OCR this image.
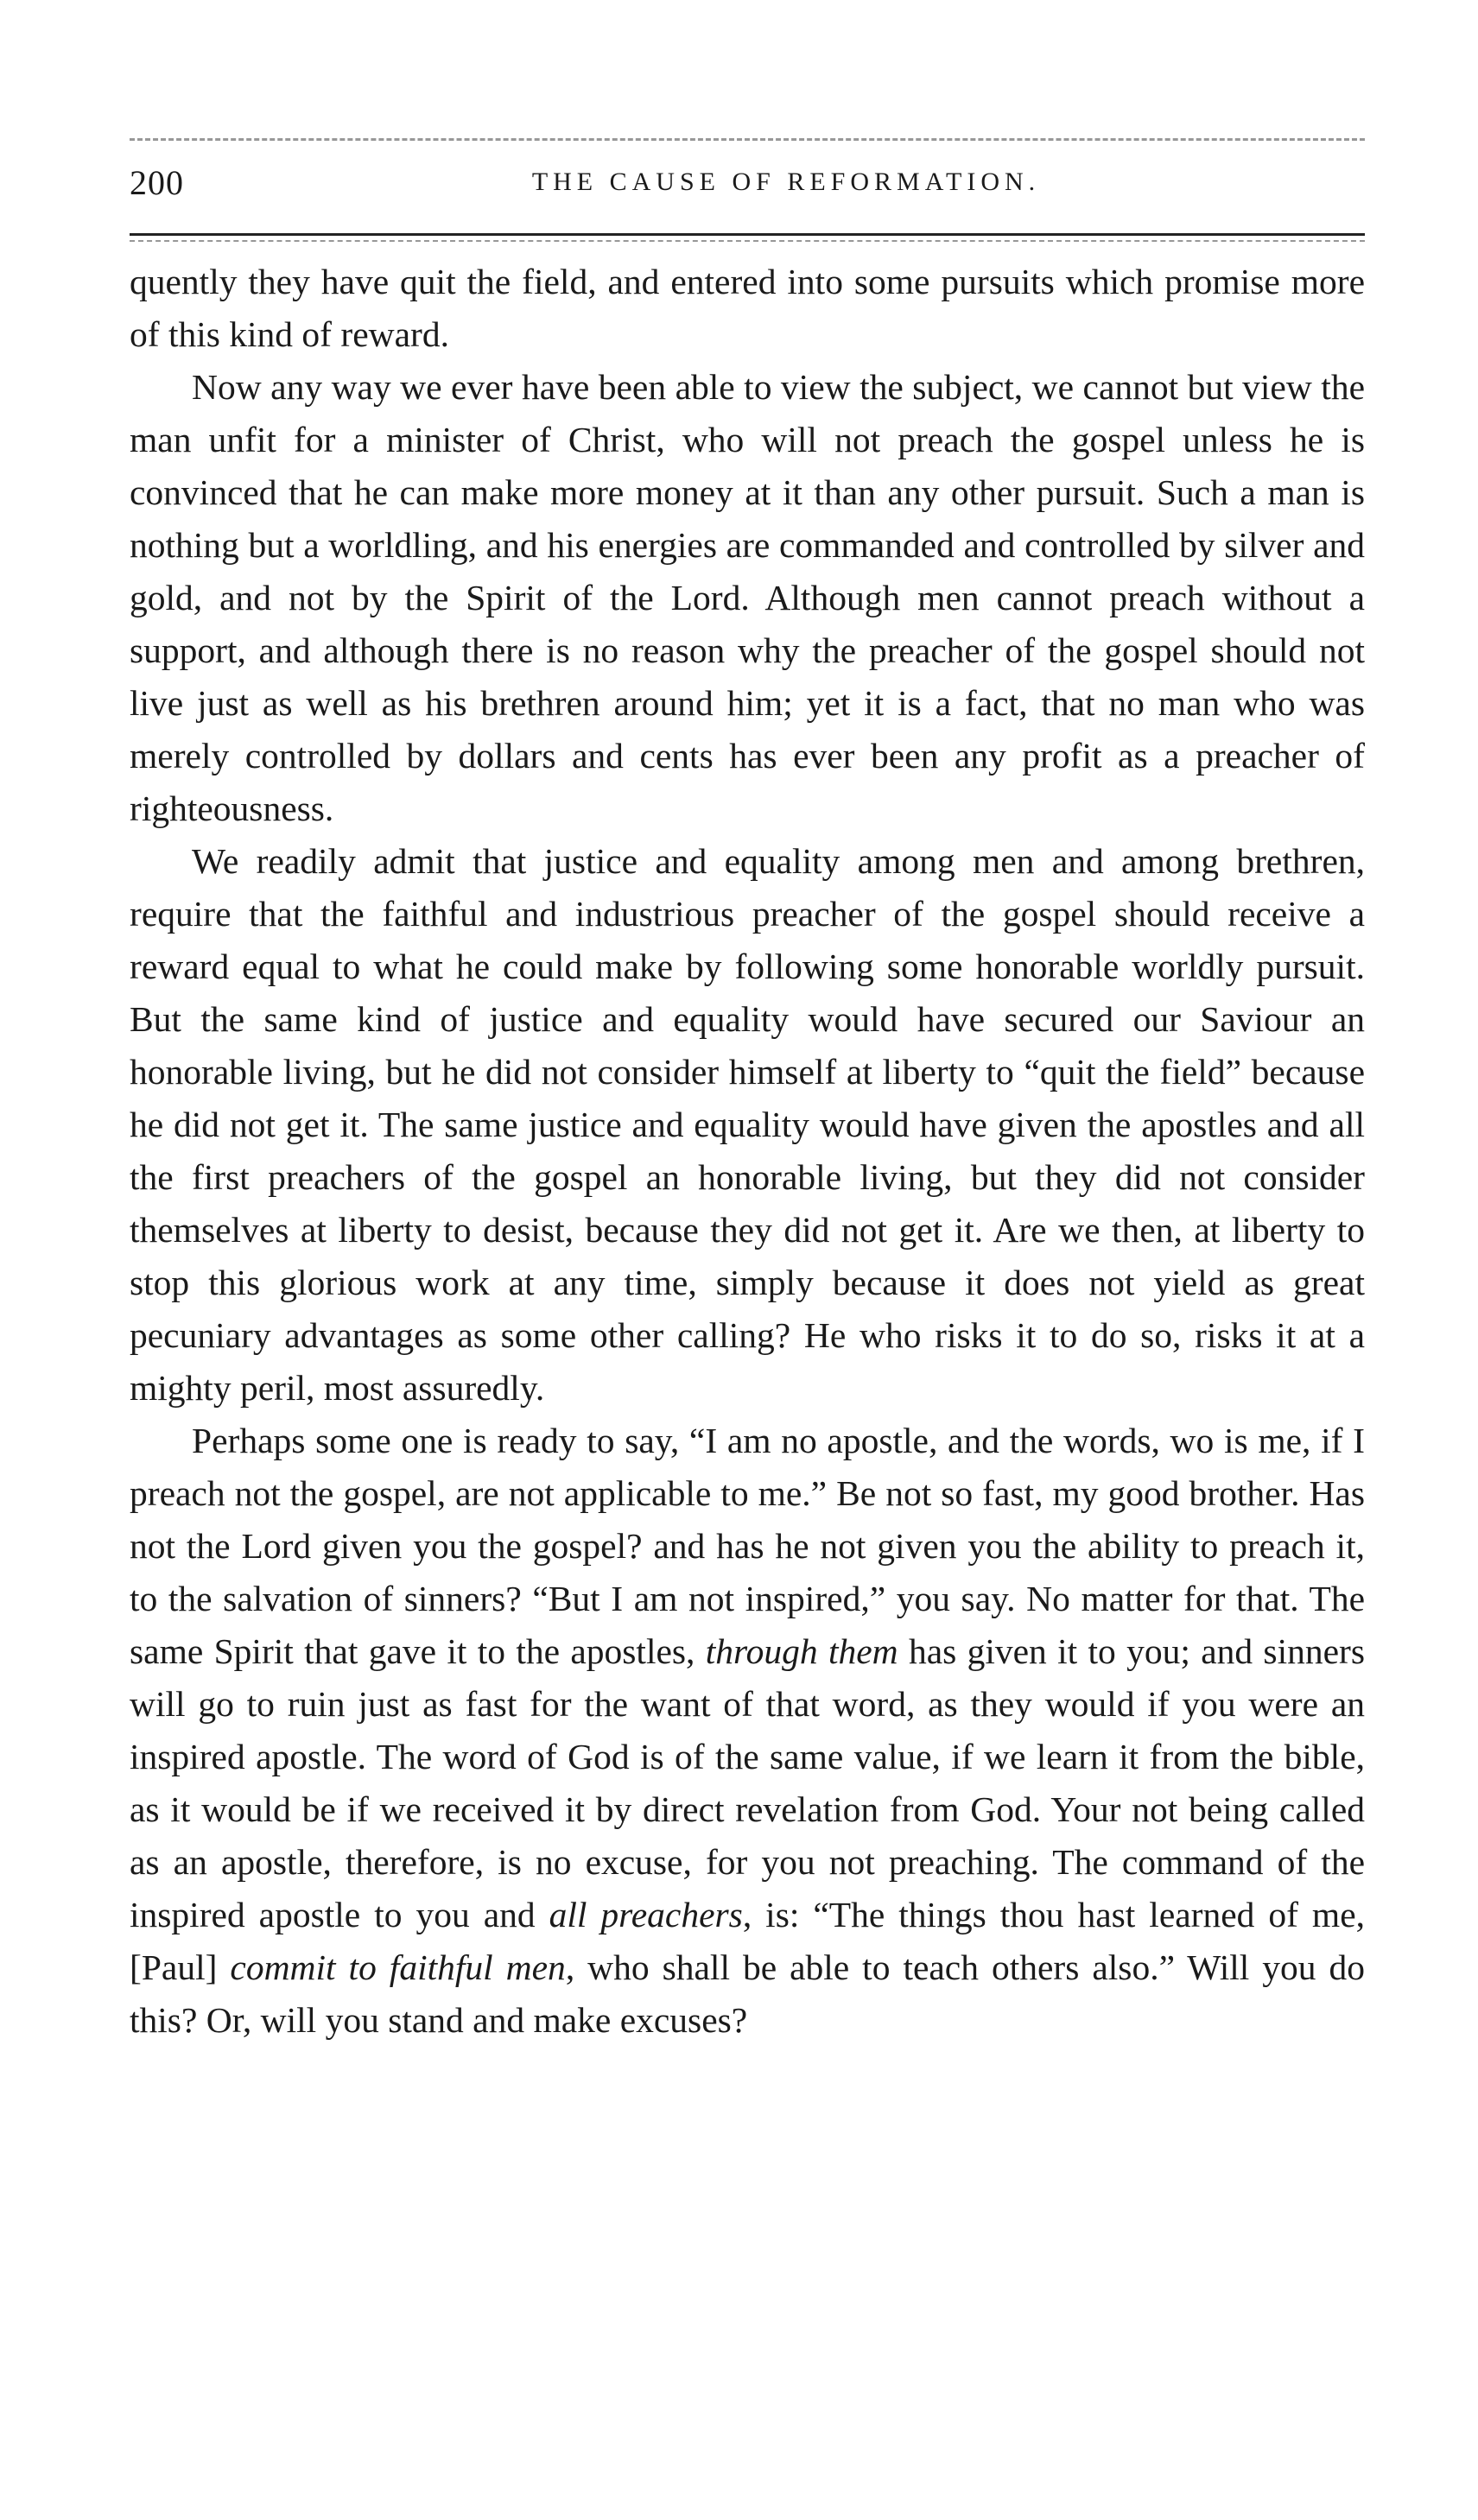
200	THE CAUSE OF REFORMATION.

quently they have quit the field, and entered into some pursuits which promise more of this kind of reward.

Now any way we ever have been able to view the subject, we cannot but view the man unfit for a minister of Christ, who will not preach the gospel unless he is convinced that he can make more money at it than any other pursuit. Such a man is nothing but a worldling, and his energies are commanded and controlled by silver and gold, and not by the Spirit of the Lord. Although men cannot preach without a support, and although there is no reason why the preacher of the gospel should not live just as well as his brethren around him; yet it is a fact, that no man who was merely controlled by dollars and cents has ever been any profit as a preacher of righteousness.

We readily admit that justice and equality among men and among brethren, require that the faithful and industrious preacher of the gospel should receive a reward equal to what he could make by following some honorable worldly pursuit. But the same kind of justice and equality would have secured our Saviour an honorable living, but he did not consider himself at liberty to “quit the field” because he did not get it. The same justice and equality would have given the apostles and all the first preachers of the gospel an honorable living, but they did not consider themselves at liberty to desist, because they did not get it. Are we then, at liberty to stop this glorious work at any time, simply because it does not yield as great pecuniary advantages as some other calling? He who risks it to do so, risks it at a mighty peril, most assuredly.

Perhaps some one is ready to say, “I am no apostle, and the words, wo is me, if I preach not the gospel, are not applicable to me.” Be not so fast, my good brother. Has not the Lord given you the gospel? and has he not given you the ability to preach it, to the salvation of sinners? “But I am not inspired,” you say. No matter for that. The same Spirit that gave it to the apostles, through them has given it to you; and sinners will go to ruin just as fast for the want of that word, as they would if you were an inspired apostle. The word of God is of the same value, if we learn it from the bible, as it would be if we received it by direct revelation from God. Your not being called as an apostle, therefore, is no excuse, for you not preaching. The command of the inspired apostle to you and all preachers, is: “The things thou hast learned of me, [Paul] commit to faithful men, who shall be able to teach others also.” Will you do this? Or, will you stand and make excuses?
